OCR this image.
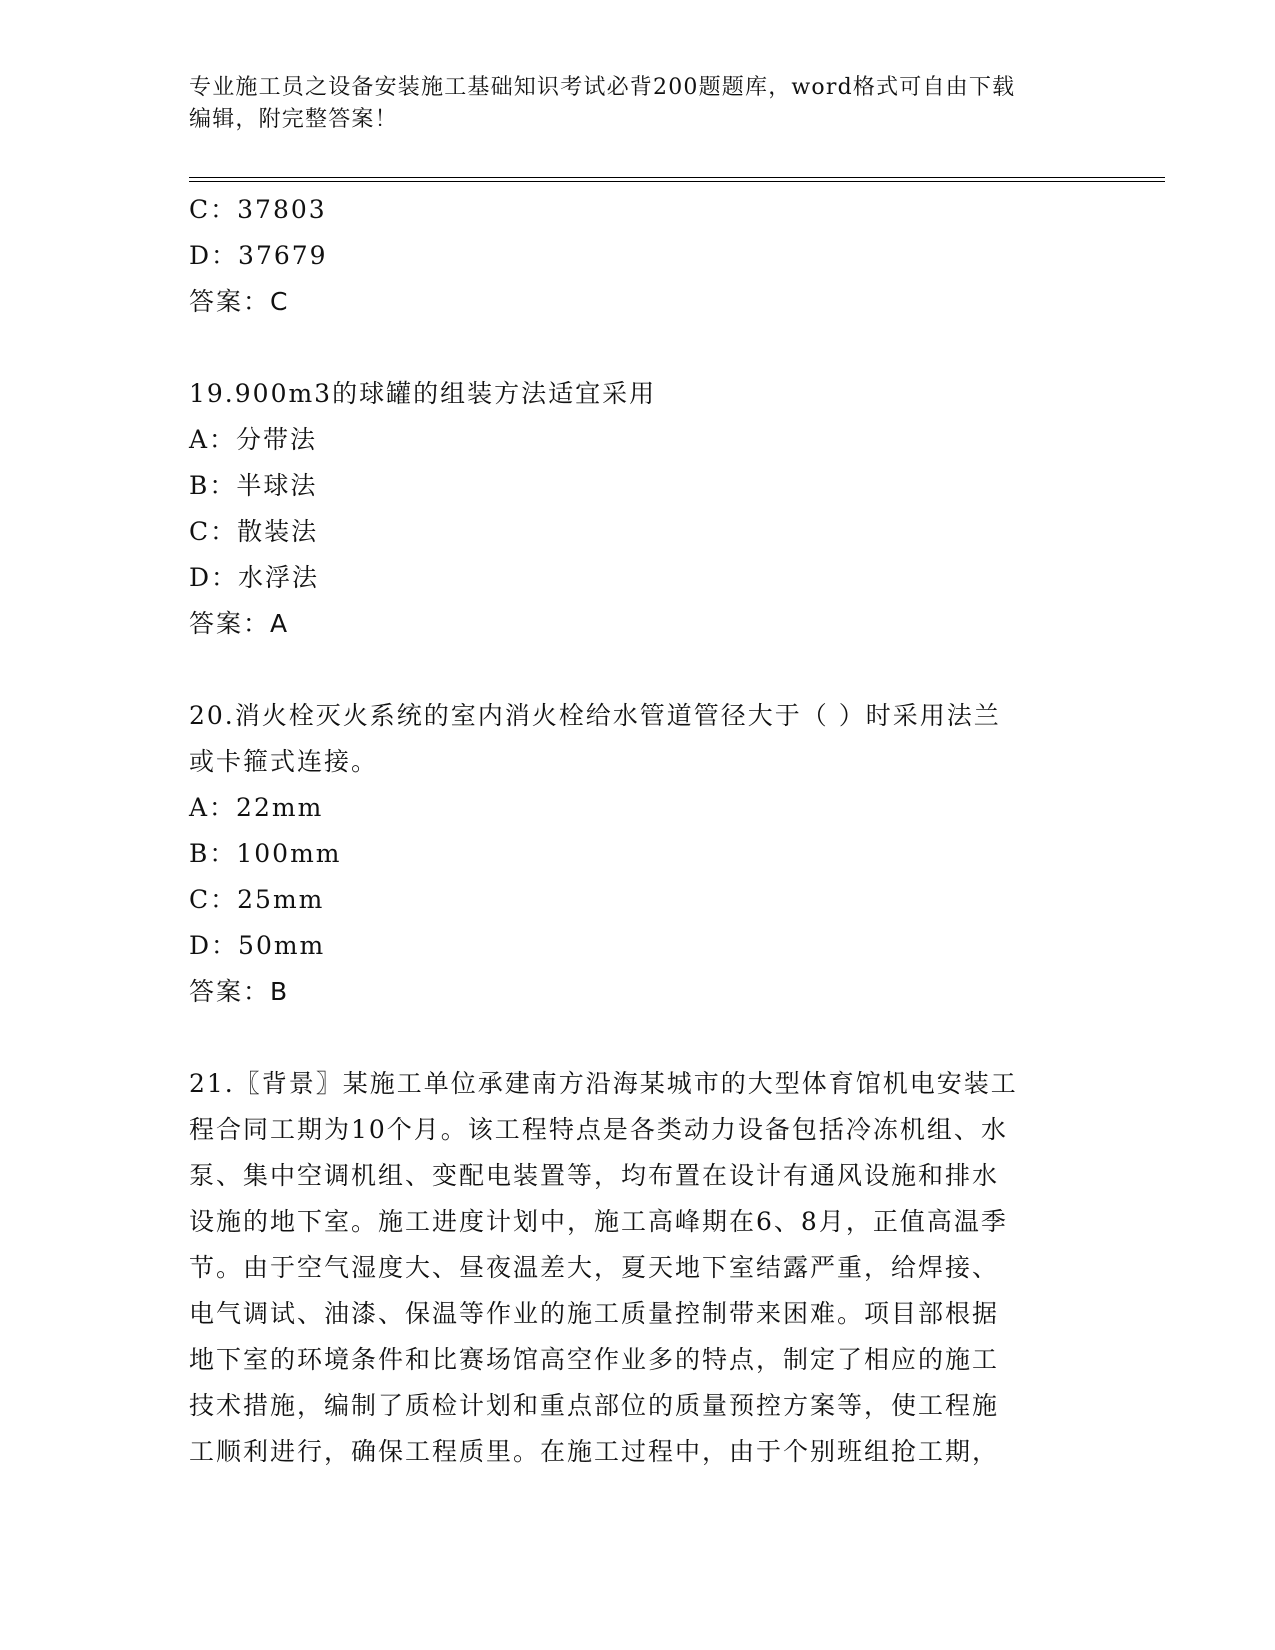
专业施工员之设备安装施工基础知识考试必背200题题库，word格式可自由下载
编辑，附完整答案！
C：37803
D：37679
答案：C
19.900m3的球罐的组装方法适宜采用
A：分带法
B：半球法
C：散装法
D：水浮法
答案：A
20.消火栓灭火系统的室内消火栓给水管道管径大于（ ）时采用法兰
或卡箍式连接。
A：22mm
B：100mm
C：25mm
D：50mm
答案：B
21.〖背景〗某施工单位承建南方沿海某城市的大型体育馆机电安装工
程合同工期为10个月。该工程特点是各类动力设备包括冷冻机组、水
泵、集中空调机组、变配电装置等，均布置在设计有通风设施和排水
设施的地下室。施工进度计划中，施工高峰期在6、8月，正值高温季
节。由于空气湿度大、昼夜温差大，夏天地下室结露严重，给焊接、
电气调试、油漆、保温等作业的施工质量控制带来困难。项目部根据
地下室的环境条件和比赛场馆高空作业多的特点，制定了相应的施工
技术措施，编制了质检计划和重点部位的质量预控方案等，使工程施
工顺利进行，确保工程质里。在施工过程中，由于个别班组抢工期，
